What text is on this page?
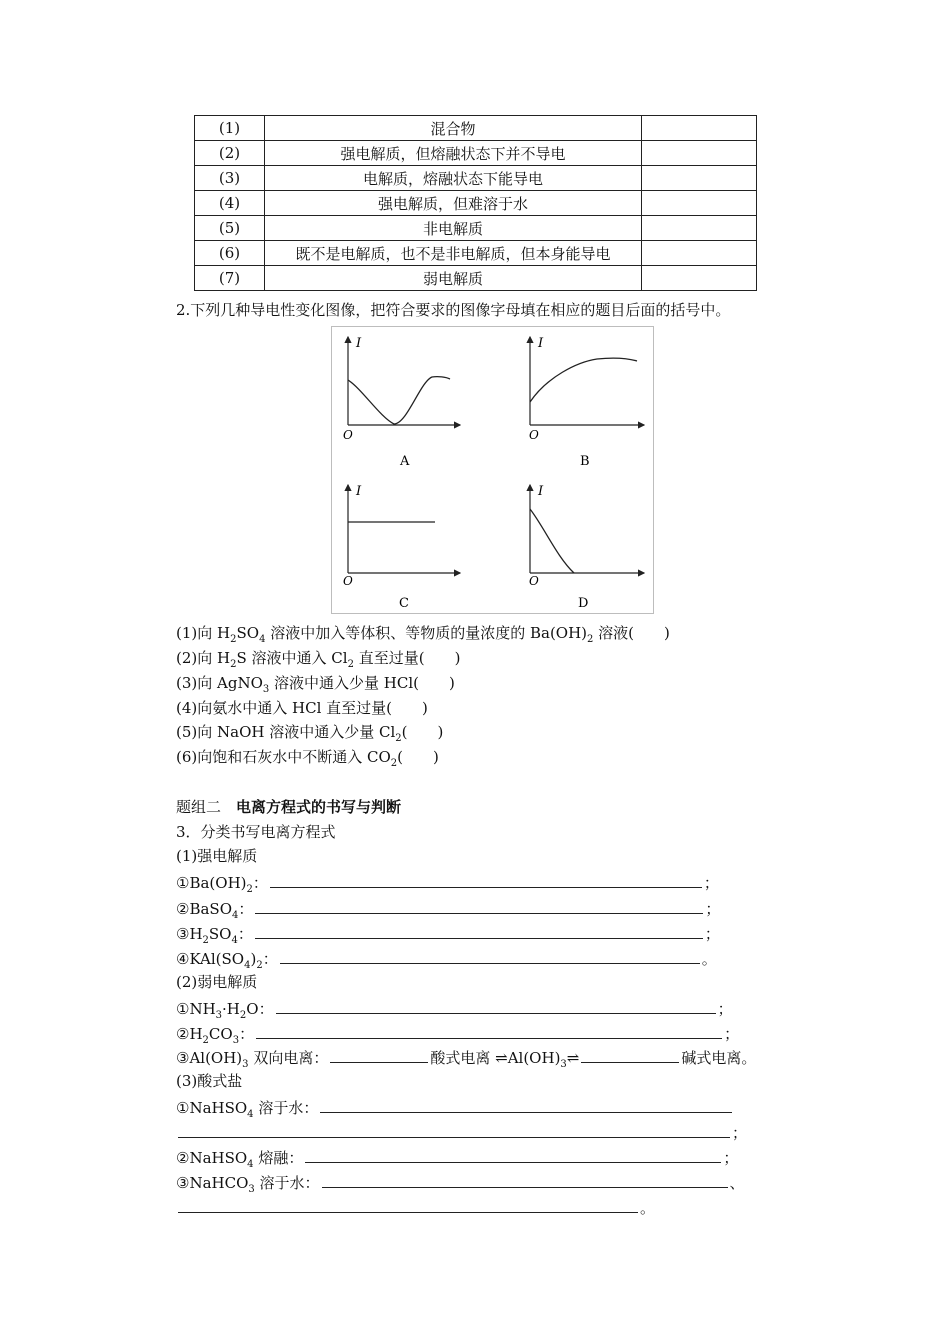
(1)	混合物	
(2)	强电解质，但熔融状态下并不导电	
(3)	电解质，熔融状态下能导电	
(4)	强电解质，但难溶于水	
(5)	非电解质	
(6)	既不是电解质，也不是非电解质，但本身能导电	
(7)	弱电解质	
2.下列几种导电性变化图像，把符合要求的图像字母填在相应的题目后面的括号中。
I
O
A
I
O
B
I
O
C
I
O
D
(1)向 $H_2SO_4$ 溶液中加入等体积、等物质的量浓度的 $Ba(OH)_2$ 溶液(　　)
(2)向 $H_2S$ 溶液中通入 $Cl_2$ 直至过量(　　)
(3)向 AgNO$_3$ 溶液中通入少量 HCl(　　)
(4)向氨水中通入 HCl 直至过量(　　)
(5)向 NaOH 溶液中通入少量 $Cl_2$(　　)
(6)向饱和石灰水中不断通入 $CO_2$(　　)
题组二　 电离方程式的书写与判断
3．分类书写电离方程式
(1)强电解质
$①Ba(OH)_2$：	；
②BaSO$_4$：	；
$③H_2SO_4$：	；
$④KAl(SO_4)_2$：	。
(2)弱电解质
$①NH_3\cdot H_2O$：	；
$②H_2CO_3$：	；
$③Al(OH)_3$ 双向电离：	酸式电离 $\rightleftharpoons Al(OH)_3\rightleftharpoons$	碱式电离。
(3)酸式盐
①NaHSO$_4$ 溶于水：
；
②NaHSO$_4$ 熔融：	；
③NaHCO$_3$ 溶于水：	、
。
